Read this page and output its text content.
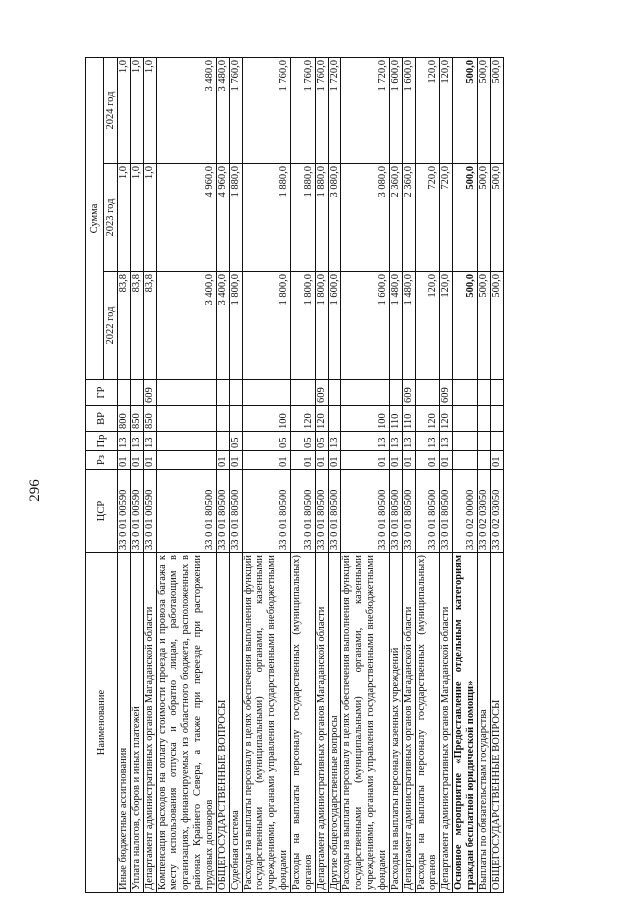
296
Наименование	ЦСР	Рз	Пр	ВР	ГР	Сумма		
						2022 год	2023 год	2024 год
Иные бюджетные ассигнования	33 0 01 00590	01	13	800		83,8	1,0	1,0
Уплата налогов, сборов и иных платежей	33 0 01 00590	01	13	850		83,8	1,0	1,0
Департамент административных органов Магаданской области	33 0 01 00590	01	13	850	609	83,8	1,0	1,0
Компенсация расходов на оплату стоимости проезда и провоза багажа к месту использования отпуска и обратно лицам, работающим в организациях, финансируемых из областного бюджета, расположенных в районах Крайнего Севера, а также при переезде при расторжении трудовых договоров	33 0 01 80500					3 400,0	4 960,0	3 480,0
ОБЩЕГОСУДАРСТВЕННЫЕ ВОПРОСЫ	33 0 01 80500	01				3 400,0	4 960,0	3 480,0
Судебная система	33 0 01 80500	01	05			1 800,0	1 880,0	1 760,0
Расходы на выплаты персоналу в целях обеспечения выполнения функций государственными (муниципальными) органами, казенными учреждениями, органами управления государственными внебюджетными фондами	33 0 01 80500	01	05	100		1 800,0	1 880,0	1 760,0
Расходы на выплаты персоналу государственных (муниципальных) органов	33 0 01 80500	01	05	120		1 800,0	1 880,0	1 760,0
Департамент административных органов Магаданской области	33 0 01 80500	01	05	120	609	1 800,0	1 880,0	1 760,0
Другие общегосударственные вопросы	33 0 01 80500	01	13			1 600,0	3 080,0	1 720,0
Расходы на выплаты персоналу в целях обеспечения выполнения функций государственными (муниципальными) органами, казенными учреждениями, органами управления государственными внебюджетными фондами	33 0 01 80500	01	13	100		1 600,0	3 080,0	1 720,0
Расходы на выплаты персоналу казенных учреждений	33 0 01 80500	01	13	110		1 480,0	2 360,0	1 600,0
Департамент административных органов Магаданской области	33 0 01 80500	01	13	110	609	1 480,0	2 360,0	1 600,0
Расходы на выплаты персоналу государственных (муниципальных) органов	33 0 01 80500	01	13	120		120,0	720,0	120,0
Департамент административных органов Магаданской области	33 0 01 80500	01	13	120	609	120,0	720,0	120,0
Основное мероприятие «Предоставление отдельным категориям граждан бесплатной юридической помощи»	33 0 02 00000					500,0	500,0	500,0
Выплаты по обязательствам государства	33 0 02 03050					500,0	500,0	500,0
ОБЩЕГОСУДАРСТВЕННЫЕ ВОПРОСЫ	33 0 02 03050	01				500,0	500,0	500,0
